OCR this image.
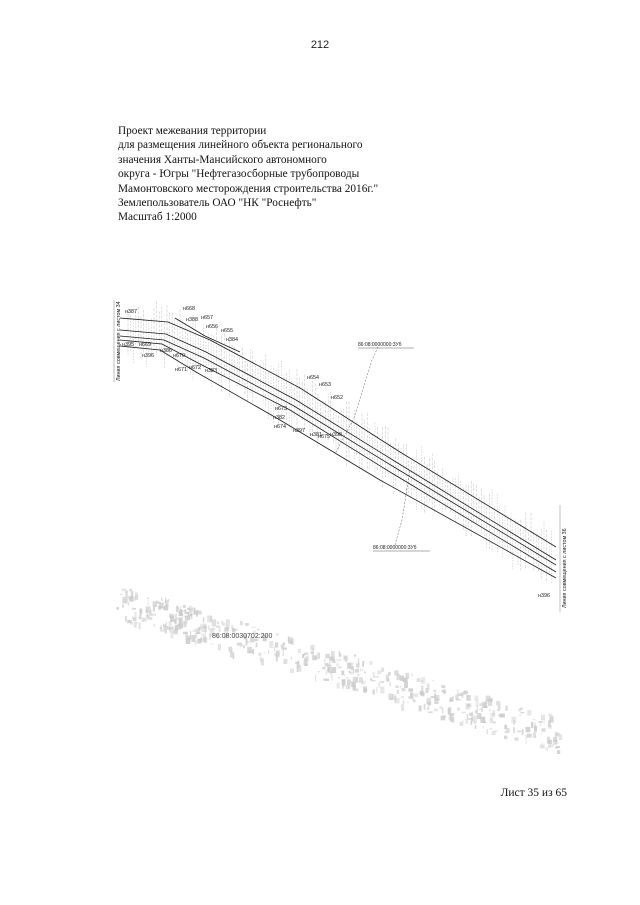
212
Проект межевания территории
для размещения линейного объекта регионального
значения Ханты-Мансийского автономного
округа - Югры "Нефтегазосборные трубопроводы
Мамонтовского месторождения строительства 2016г."
Землепользователь ОАО "НК "Роснефть"
Масштаб 1:2000
86:08:0000000:3Уб
86:08:0000000:3Уб
Линия совмещения с листом 34
Линия совмещения с листом 36
н387	н668
н388 н657
н656
н655
н384
н395 н669
н386
н396	н670
н383
н671 н672
н654
н653
н652
н673
н382
н674
н397
н381
н675 н398
н396
86:08:0030702:200
Лист 35 из 65
